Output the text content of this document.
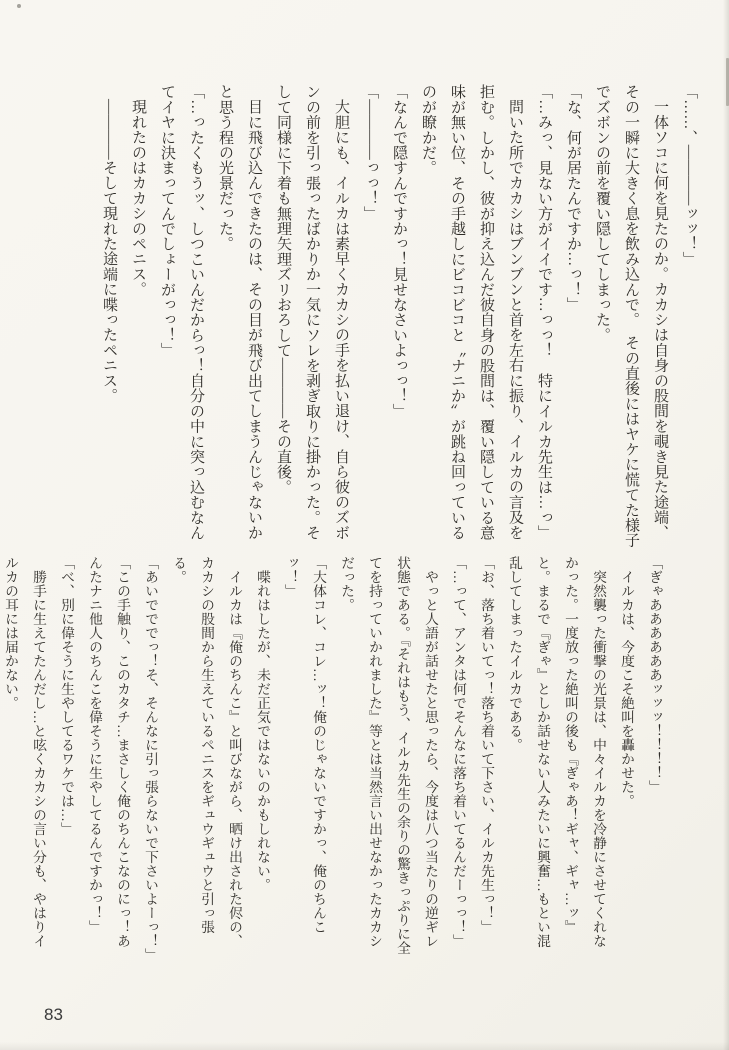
「……、――――ッッ！」

一体ソコに何を見たのか。カカシは自身の股間を覗き見た途端、その一瞬に大きく息を飲み込んで。　その直後にはヤケに慌てた様子でズボンの前を覆い隠してしまった。

「な、何が居たんですか…っ！」

「…みっ、見ない方がイイです…っっ！　特にイルカ先生は…っ」

問いた所でカカシはブンブンと首を左右に振り、イルカの言及を拒む。しかし、彼が抑え込んだ彼自身の股間は、覆い隠している意味が無い位、その手越しにビコビコと〝ナニか〟が跳ね回っているのが瞭かだ。

「なんで隠すんですかっ！見せなさいよっっ！」

「――――っっ！」

大胆にも、イルカは素早くカカシの手を払い退け、自ら彼のズボンの前を引っ張ったばかりか一気にソレを剥ぎ取りに掛かった。そして同様に下着も無理矢理ズリおろして――――その直後。

目に飛び込んできたのは、その目が飛び出てしまうんじゃないかと思う程の光景だった。

「…ったくもうッ、しつこいんだからっ！自分の中に突っ込むなんてイヤに決まってんでしょーがっっ！」

現れたのはカカシのペニス。

――――そして現れた途端に喋ったペニス。

「ぎゃああああああッッッ！！！！」

イルカは、今度こそ絶叫を轟かせた。

突然襲った衝撃の光景は、中々イルカを冷静にさせてくれなかった。一度放った絶叫の後も『ぎゃあ！ギャ、ギャ…ッ』と。まるで『ぎゃ』としか話せない人みたいに興奮…もとい混乱してしまったイルカである。

「お、落ち着いてっ！落ち着いて下さい、イルカ先生っ！」

「…って、アンタは何でそんなに落ち着いてるんだーっっ！」

やっと人語が話せたと思ったら、今度は八つ当たりの逆ギレ状態である。『それはもう、イルカ先生の余りの驚きっぷりに全てを持っていかれました』等とは当然言い出せなかったカカシだった。

「大体コレ、コレ…ッ！俺のじゃないですかっ、俺のちんこッ！」

喋れはしたが、未だ正気ではないのかもしれない。

イルカは『俺のちんこ』と叫びながら、晒け出された侭の、カカシの股間から生えているペニスをギュウギュウと引っ張る。

「あいでででっ！そ、そんなに引っ張らないで下さいよーっ！」

「この手触り、このカタチ…まさしく俺のちんこなのにっ！あんたナニ他人のちんこを偉そうに生やしてるんですかっ！」

「べ、別に偉そうに生やしてるワケでは…」

勝手に生えてたんだし…と呟くカカシの言い分も、やはりイルカの耳には届かない。

83
